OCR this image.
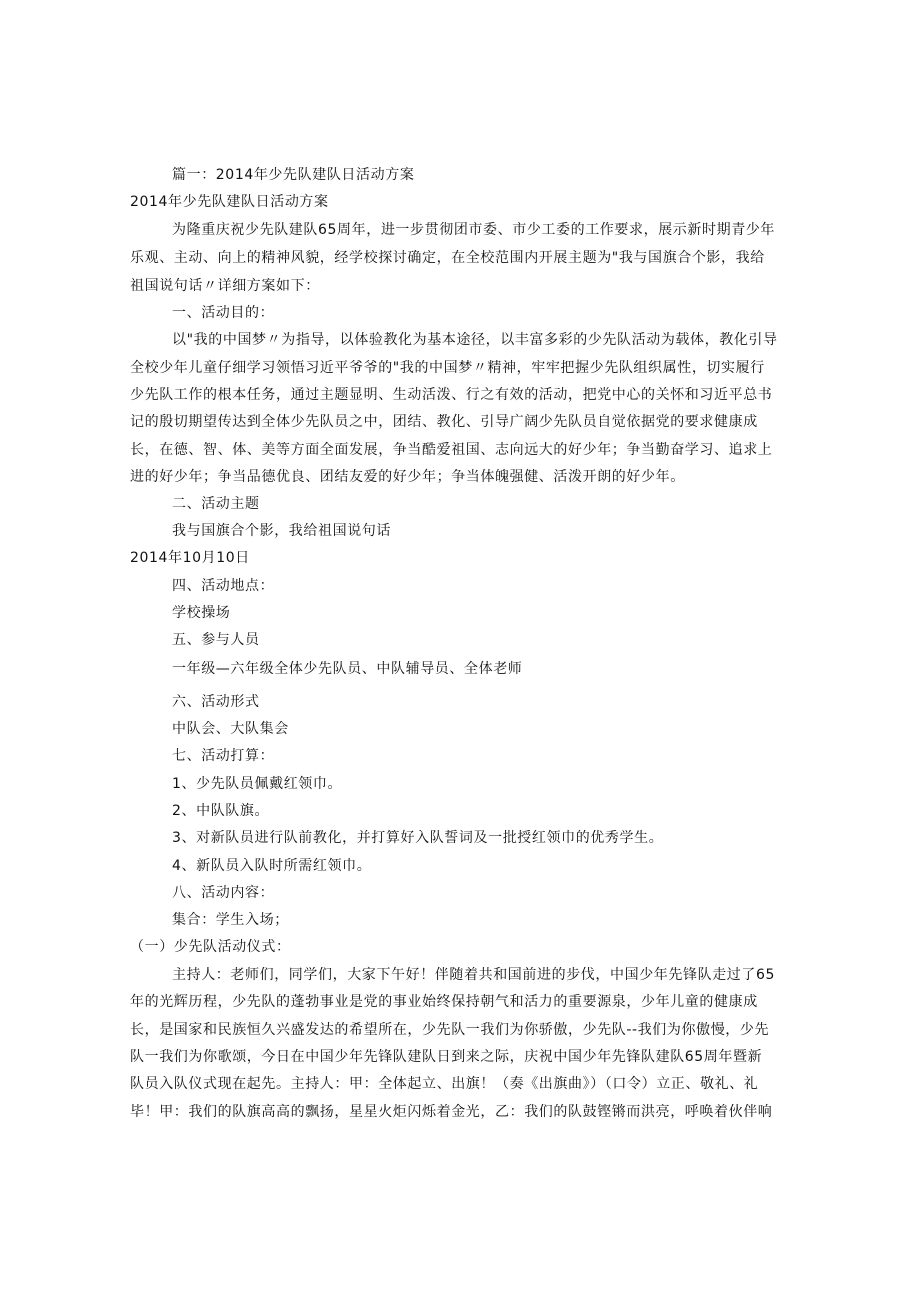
篇一：2014年少先队建队日活动方案
2014年少先队建队日活动方案
为隆重庆祝少先队建队65周年，进一步贯彻团市委、市少工委的工作要求，展示新时期青少年
乐观、主动、向上的精神风貌，经学校探讨确定，在全校范围内开展主题为"我与国旗合个影，我给
祖国说句话〃详细方案如下：
一、活动目的：
以"我的中国梦〃为指导，以体验教化为基本途径，以丰富多彩的少先队活动为载体，教化引导
全校少年儿童仔细学习领悟习近平爷爷的"我的中国梦〃精神，牢牢把握少先队组织属性，切实履行
少先队工作的根本任务，通过主题显明、生动活泼、行之有效的活动，把党中心的关怀和习近平总书
记的殷切期望传达到全体少先队员之中，团结、教化、引导广阔少先队员自觉依据党的要求健康成
长，在德、智、体、美等方面全面发展，争当酷爱祖国、志向远大的好少年；争当勤奋学习、追求上
进的好少年；争当品德优良、团结友爱的好少年；争当体魄强健、活泼开朗的好少年。
二、活动主题
我与国旗合个影，我给祖国说句话
2014年10月10日
四、活动地点：
学校操场
五、参与人员
一年级—六年级全体少先队员、中队辅导员、全体老师
六、活动形式
中队会、大队集会
七、活动打算：
1、少先队员佩戴红领巾。
2、中队队旗。
3、对新队员进行队前教化，并打算好入队誓词及一批授红领巾的优秀学生。
4、新队员入队时所需红领巾。
八、活动内容：
集合：学生入场；
（一）少先队活动仪式：
主持人：老师们，同学们，大家下午好！伴随着共和国前进的步伐，中国少年先锋队走过了65
年的光辉历程，少先队的蓬勃事业是党的事业始终保持朝气和活力的重要源泉，少年儿童的健康成
长，是国家和民族恒久兴盛发达的希望所在，少先队一我们为你骄傲，少先队--我们为你傲慢，少先
队一我们为你歌颂，今日在中国少年先锋队建队日到来之际，庆祝中国少年先锋队建队65周年暨新
队员入队仪式现在起先。主持人：甲：全体起立、出旗！（奏《出旗曲》）（口令）立正、敬礼、礼
毕！甲：我们的队旗高高的飘扬，星星火炬闪烁着金光，乙：我们的队鼓铿锵而洪亮，呼唤着伙伴响
